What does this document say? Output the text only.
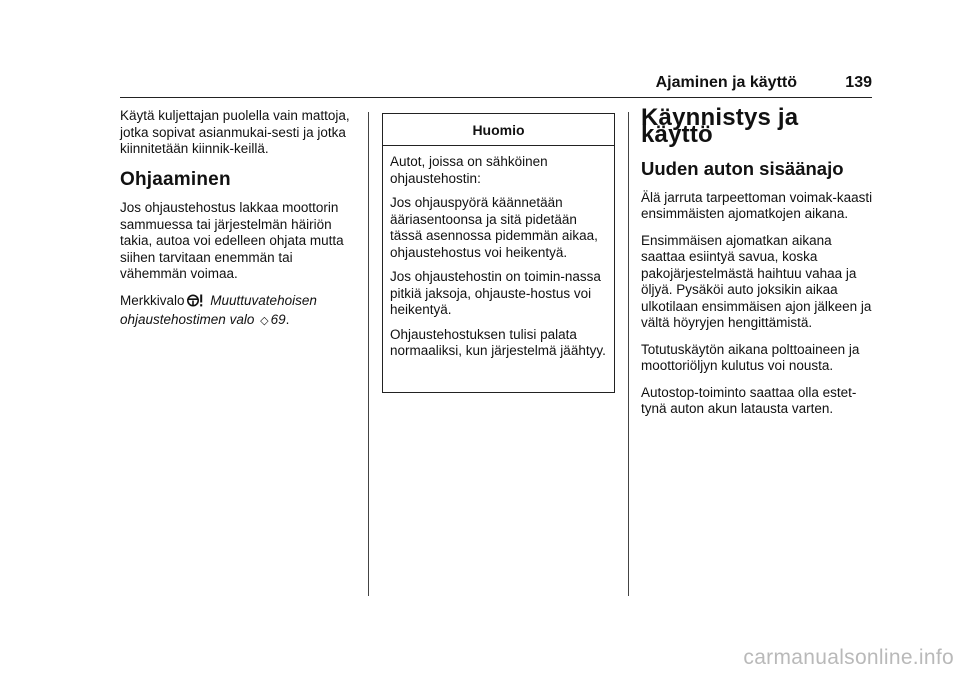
Ajaminen ja käyttö	139

Käytä kuljettajan puolella vain mattoja, jotka sopivat asianmukai-sesti ja jotka kiinnitetään kiinnik-keillä.

Ohjaaminen

Jos ohjaustehostus lakkaa moottorin sammuessa tai järjestelmän häiriön takia, autoa voi edelleen ohjata mutta siihen tarvitaan enemmän tai vähemmän voimaa.

Merkkivalo Muuttuvatehoisen
ohjaustehostimen valo ◇ 69.

Huomio

Autot, joissa on sähköinen ohjaustehostin:

Jos ohjauspyörä käännetään ääriasentoonsa ja sitä pidetään tässä asennossa pidemmän aikaa, ohjaustehostus voi heikentyä.

Jos ohjaustehostin on toimin-nassa pitkiä jaksoja, ohjauste-hostus voi heikentyä.

Ohjaustehostuksen tulisi palata normaaliksi, kun järjestelmä jäähtyy.

Käynnistys ja käyttö
Uuden auton sisäänajo

Älä jarruta tarpeettoman voimak-kaasti ensimmäisten ajomatkojen aikana.

Ensimmäisen ajomatkan aikana saattaa esiintyä savua, koska pakojärjestelmästä haihtuu vahaa ja öljyä. Pysäköi auto joksikin aikaa ulkotilaan ensimmäisen ajon jälkeen ja vältä höyryjen hengittämistä.

Totutuskäytön aikana polttoaineen ja moottoriöljyn kulutus voi nousta.

Autostop-toiminto saattaa olla estet-tynä auton akun latausta varten.

carmanualsonline.info
